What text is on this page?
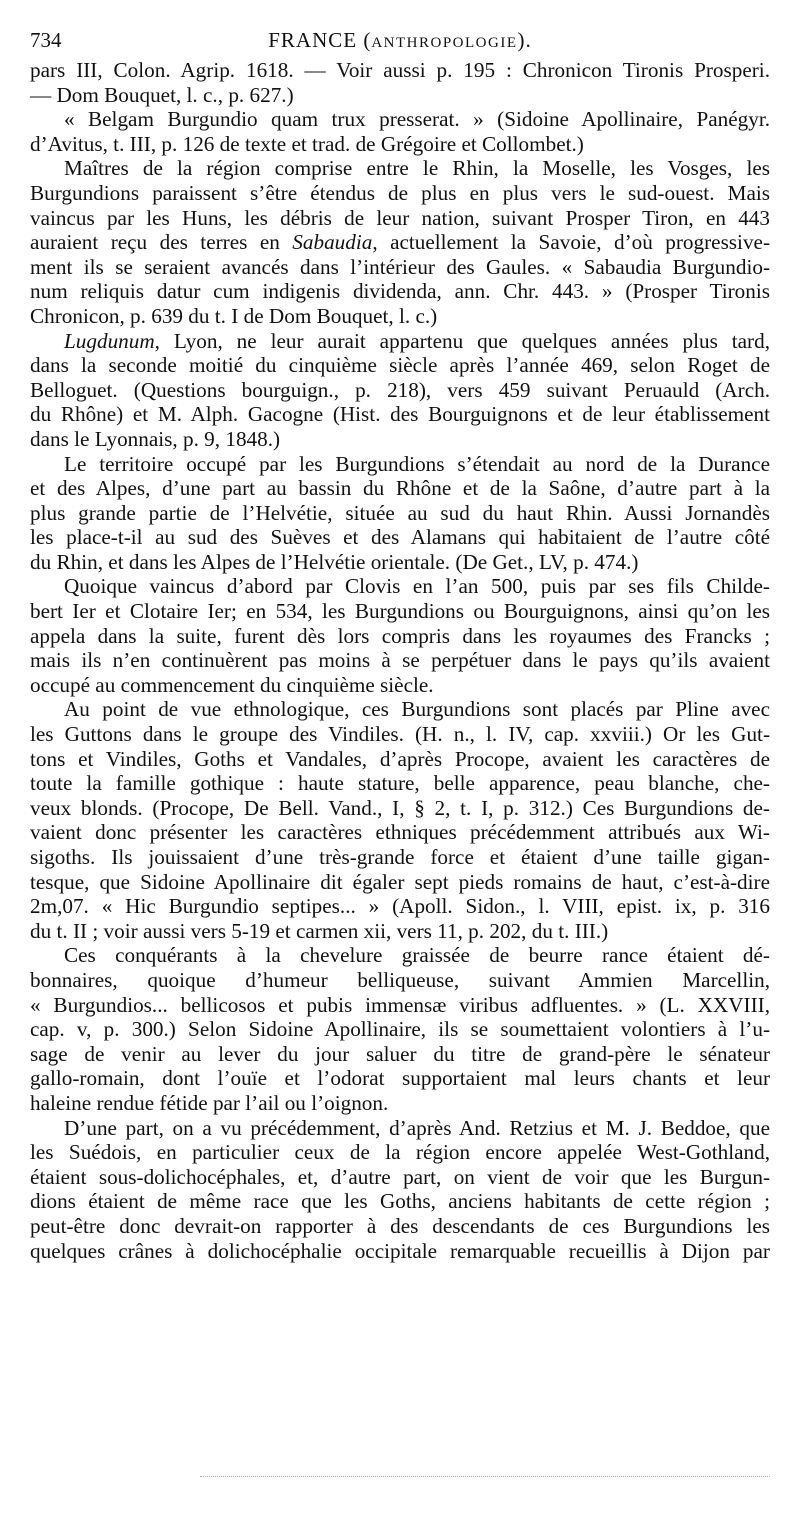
734	FRANCE (ANTHROPOLOGIE).
pars III, Colon. Agrip. 1618. — Voir aussi p. 195 : Chronicon Tironis Prosperi.
— Dom Bouquet, l. c., p. 627.)
« Belgam Burgundio quam trux presserat. » (Sidoine Apollinaire, Panégyr.
d’Avitus, t. III, p. 126 de texte et trad. de Grégoire et Collombet.)
Maîtres de la région comprise entre le Rhin, la Moselle, les Vosges, les
Burgundions paraissent s’être étendus de plus en plus vers le sud-ouest. Mais
vaincus par les Huns, les débris de leur nation, suivant Prosper Tiron, en 443
auraient reçu des terres en Sabaudia, actuellement la Savoie, d’où progressive-
ment ils se seraient avancés dans l’intérieur des Gaules. « Sabaudia Burgundio-
num reliquis datur cum indigenis dividenda, ann. Chr. 443. » (Prosper Tironis
Chronicon, p. 639 du t. I de Dom Bouquet, l. c.)
Lugdunum, Lyon, ne leur aurait appartenu que quelques années plus tard,
dans la seconde moitié du cinquième siècle après l’année 469, selon Roget de
Belloguet. (Questions bourguign., p. 218), vers 459 suivant Peruauld (Arch.
du Rhône) et M. Alph. Gacogne (Hist. des Bourguignons et de leur établissement
dans le Lyonnais, p. 9, 1848.)
Le territoire occupé par les Burgundions s’étendait au nord de la Durance
et des Alpes, d’une part au bassin du Rhône et de la Saône, d’autre part à la
plus grande partie de l’Helvétie, située au sud du haut Rhin. Aussi Jornandès
les place-t-il au sud des Suèves et des Alamans qui habitaient de l’autre côté
du Rhin, et dans les Alpes de l’Helvétie orientale. (De Get., LV, p. 474.)
Quoique vaincus d’abord par Clovis en l’an 500, puis par ses fils Childe-
bert Ier et Clotaire Ier; en 534, les Burgundions ou Bourguignons, ainsi qu’on les
appela dans la suite, furent dès lors compris dans les royaumes des Francks ;
mais ils n’en continuèrent pas moins à se perpétuer dans le pays qu’ils avaient
occupé au commencement du cinquième siècle.
Au point de vue ethnologique, ces Burgundions sont placés par Pline avec
les Guttons dans le groupe des Vindiles. (H. n., l. IV, cap. xxviii.) Or les Gut-
tons et Vindiles, Goths et Vandales, d’après Procope, avaient les caractères de
toute la famille gothique : haute stature, belle apparence, peau blanche, che-
veux blonds. (Procope, De Bell. Vand., I, § 2, t. I, p. 312.) Ces Burgundions de-
vaient donc présenter les caractères ethniques précédemment attribués aux Wi-
sigoths. Ils jouissaient d’une très-grande force et étaient d’une taille gigan-
tesque, que Sidoine Apollinaire dit égaler sept pieds romains de haut, c’est-à-dire
2m,07. « Hic Burgundio septipes... » (Apoll. Sidon., l. VIII, epist. ix, p. 316
du t. II ; voir aussi vers 5-19 et carmen xii, vers 11, p. 202, du t. III.)
Ces conquérants à la chevelure graissée de beurre rance étaient dé-
bonnaires, quoique d’humeur belliqueuse, suivant Ammien Marcellin,
« Burgundios... bellicosos et pubis immensæ viribus adfluentes. » (L. XXVIII,
cap. v, p. 300.) Selon Sidoine Apollinaire, ils se soumettaient volontiers à l’u-
sage de venir au lever du jour saluer du titre de grand-père le sénateur
gallo-romain, dont l’ouïe et l’odorat supportaient mal leurs chants et leur
haleine rendue fétide par l’ail ou l’oignon.
D’une part, on a vu précédemment, d’après And. Retzius et M. J. Beddoe, que
les Suédois, en particulier ceux de la région encore appelée West-Gothland,
étaient sous-dolichocéphales, et, d’autre part, on vient de voir que les Burgun-
dions étaient de même race que les Goths, anciens habitants de cette région ;
peut-être donc devrait-on rapporter à des descendants de ces Burgundions les
quelques crânes à dolichocéphalie occipitale remarquable recueillis à Dijon par
